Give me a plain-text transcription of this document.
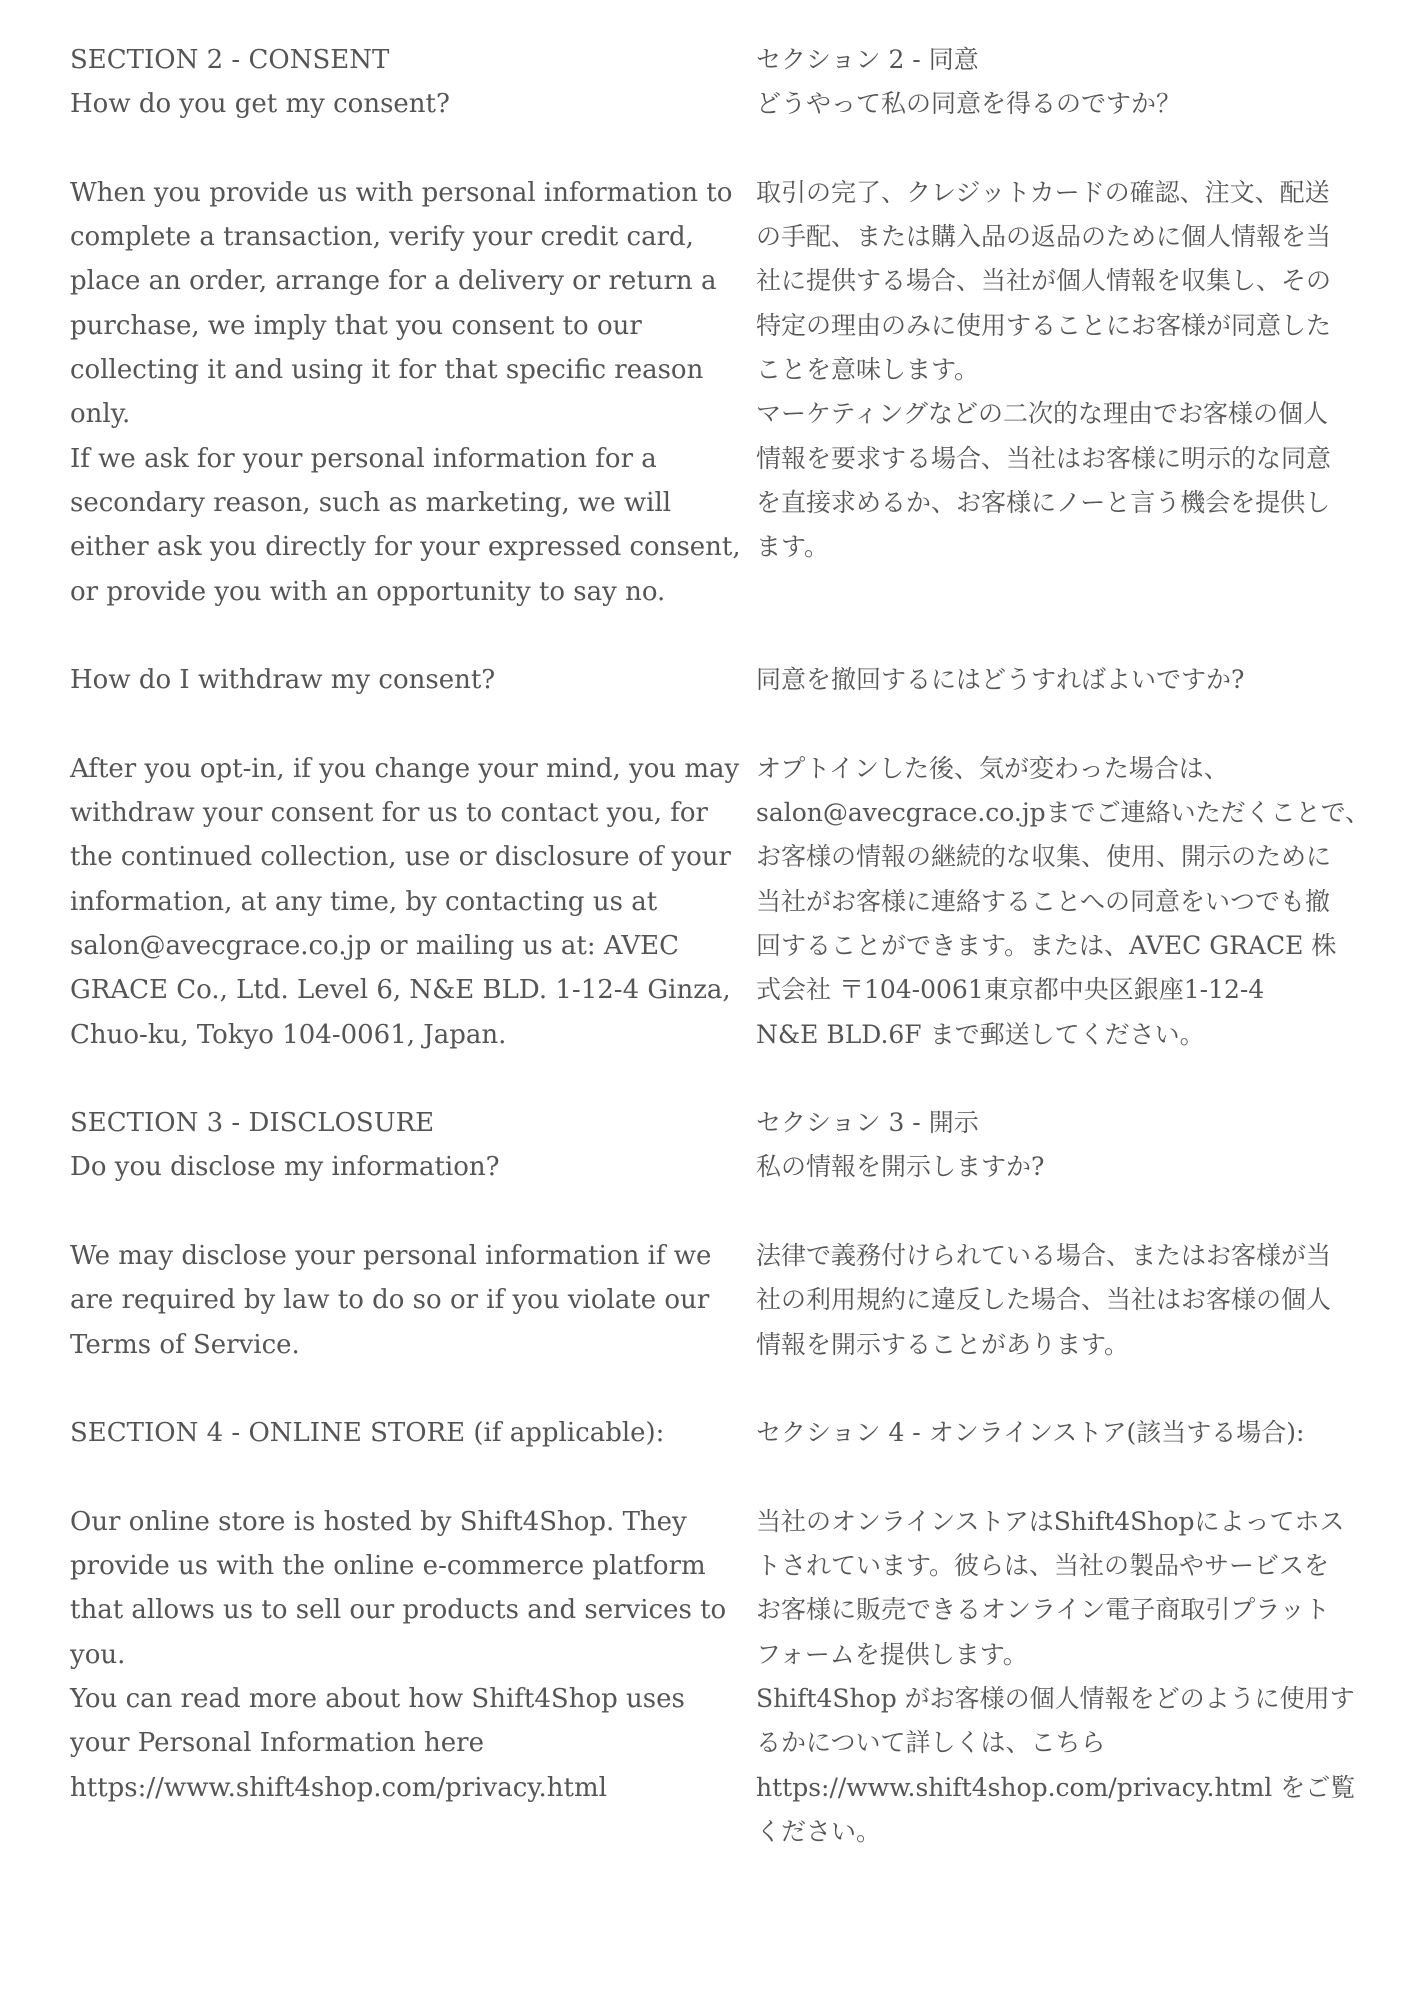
SECTION 2 - CONSENT
How do you get my consent?
When you provide us with personal information to
complete a transaction, verify your credit card,
place an order, arrange for a delivery or return a
purchase, we imply that you consent to our
collecting it and using it for that specific reason
only.
If we ask for your personal information for a
secondary reason, such as marketing, we will
either ask you directly for your expressed consent,
or provide you with an opportunity to say no.
How do I withdraw my consent?
After you opt-in, if you change your mind, you may
withdraw your consent for us to contact you, for
the continued collection, use or disclosure of your
information, at any time, by contacting us at
salon@avecgrace.co.jp or mailing us at: AVEC
GRACE Co., Ltd. Level 6, N&E BLD. 1-12-4 Ginza,
Chuo-ku, Tokyo 104-0061, Japan.
SECTION 3 - DISCLOSURE
Do you disclose my information?
We may disclose your personal information if we
are required by law to do so or if you violate our
Terms of Service.
SECTION 4 - ONLINE STORE (if applicable):
Our online store is hosted by Shift4Shop. They
provide us with the online e-commerce platform
that allows us to sell our products and services to
you.
You can read more about how Shift4Shop uses
your Personal Information here
https://www.shift4shop.com/privacy.html
セクション 2 - 同意
どうやって私の同意を得るのですか？
取引の完了、クレジットカードの確認、注文、配送
の手配、または購入品の返品のために個人情報を当
社に提供する場合、当社が個人情報を収集し、その
特定の理由のみに使用することにお客様が同意した
ことを意味します。
マーケティングなどの二次的な理由でお客様の個人
情報を要求する場合、当社はお客様に明示的な同意
を直接求めるか、お客様にノーと言う機会を提供し
ます。
同意を撤回するにはどうすればよいですか?
オプトインした後、気が変わった場合は、
salon@avecgrace.co.jpまでご連絡いただくことで、
お客様の情報の継続的な収集、使用、開示のために
当社がお客様に連絡することへの同意をいつでも撤
回することができます。または、AVEC GRACE 株
式会社 〒104-0061東京都中央区銀座1-12-4
N&E BLD.6F まで郵送してください。
セクション 3 - 開示
私の情報を開示しますか?
法律で義務付けられている場合、またはお客様が当
社の利用規約に違反した場合、当社はお客様の個人
情報を開示することがあります。
セクション 4 - オンラインストア(該当する場合):
当社のオンラインストアはShift4Shopによってホス
トされています。彼らは、当社の製品やサービスを
お客様に販売できるオンライン電子商取引プラット
フォームを提供します。
Shift4Shop がお客様の個人情報をどのように使用す
るかについて詳しくは、こちら
https://www.shift4shop.com/privacy.html をご覧
ください。
